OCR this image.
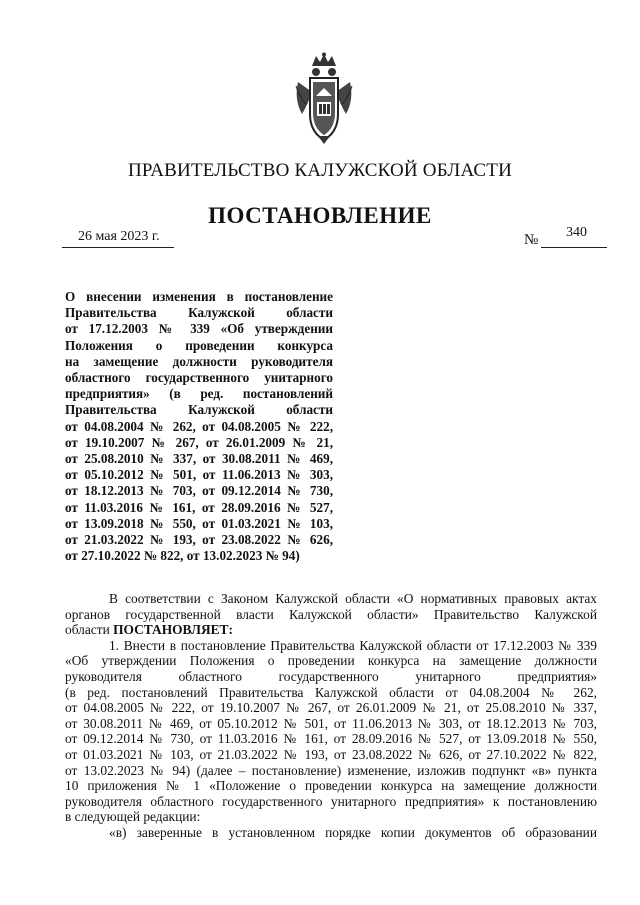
ПРАВИТЕЛЬСТВО КАЛУЖСКОЙ ОБЛАСТИ
ПОСТАНОВЛЕНИЕ
26 мая 2023 г.	№ 340
О внесении изменения в постановление
Правительства Калужской области
от 17.12.2003 № 339 «Об утверждении
Положения о проведении конкурса
на замещение должности руководителя
областного государственного унитарного
предприятия» (в ред. постановлений
Правительства Калужской области
от 04.08.2004 № 262, от 04.08.2005 № 222,
от 19.10.2007 № 267, от 26.01.2009 № 21,
от 25.08.2010 № 337, от 30.08.2011 № 469,
от 05.10.2012 № 501, от 11.06.2013 № 303,
от 18.12.2013 № 703, от 09.12.2014 № 730,
от 11.03.2016 № 161, от 28.09.2016 № 527,
от 13.09.2018 № 550, от 01.03.2021 № 103,
от 21.03.2022 № 193, от 23.08.2022 № 626,
от 27.10.2022 № 822, от 13.02.2023 № 94)
В соответствии с Законом Калужской области «О нормативных правовых актах
органов государственной власти Калужской области» Правительство Калужской
области ПОСТАНОВЛЯЕТ:
1. Внести в постановление Правительства Калужской области от 17.12.2003 № 339
«Об утверждении Положения о проведении конкурса на замещение должности
руководителя областного государственного унитарного предприятия»
(в ред. постановлений Правительства Калужской области от 04.08.2004 № 262,
от 04.08.2005 № 222, от 19.10.2007 № 267, от 26.01.2009 № 21, от 25.08.2010 № 337,
от 30.08.2011 № 469, от 05.10.2012 № 501, от 11.06.2013 № 303, от 18.12.2013 № 703,
от 09.12.2014 № 730, от 11.03.2016 № 161, от 28.09.2016 № 527, от 13.09.2018 № 550,
от 01.03.2021 № 103, от 21.03.2022 № 193, от 23.08.2022 № 626, от 27.10.2022 № 822,
от 13.02.2023 № 94) (далее – постановление) изменение, изложив подпункт «в» пункта
10 приложения № 1 «Положение о проведении конкурса на замещение должности
руководителя областного государственного унитарного предприятия» к постановлению
в следующей редакции:
«в) заверенные в установленном порядке копии документов об образовании
